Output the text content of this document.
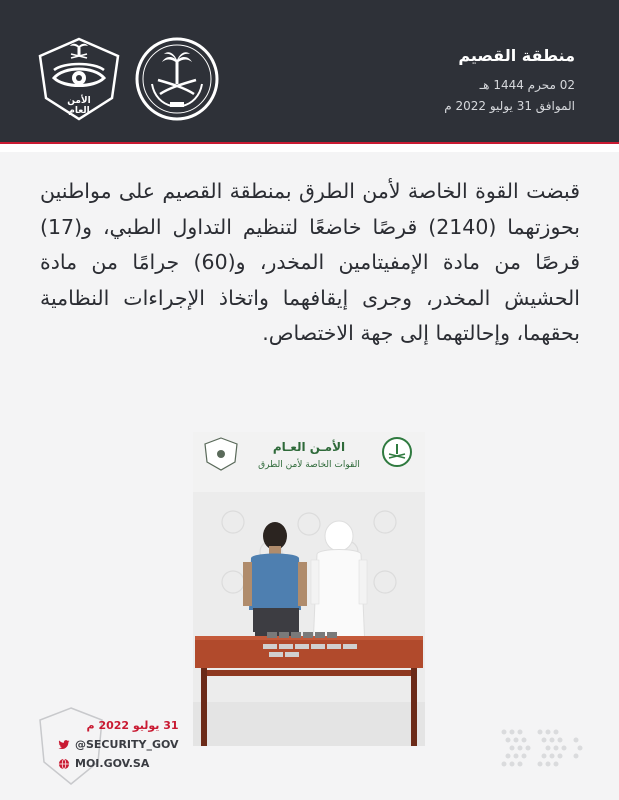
منطقة القصيم
02 محرم 1444 هـ
الموافق 31 يوليو 2022 م
الأمن العام
قبضت القوة الخاصة لأمن الطرق بمنطقة القصيم على مواطنين بحوزتهما (2140) قرصًا خاضعًا لتنظيم التداول الطبي، و(17) قرصًا من مادة الإمفيتامين المخدر، و(60) جرامًا من مادة الحشيش المخدر، وجرى إيقافهما واتخاذ الإجراءات النظامية بحقهما، وإحالتهما إلى جهة الاختصاص.
الأمـن العـام
القوات الخاصة لأمن الطرق
31 يوليو 2022 م
@SECURITY_GOV
MOI.GOV.SA
